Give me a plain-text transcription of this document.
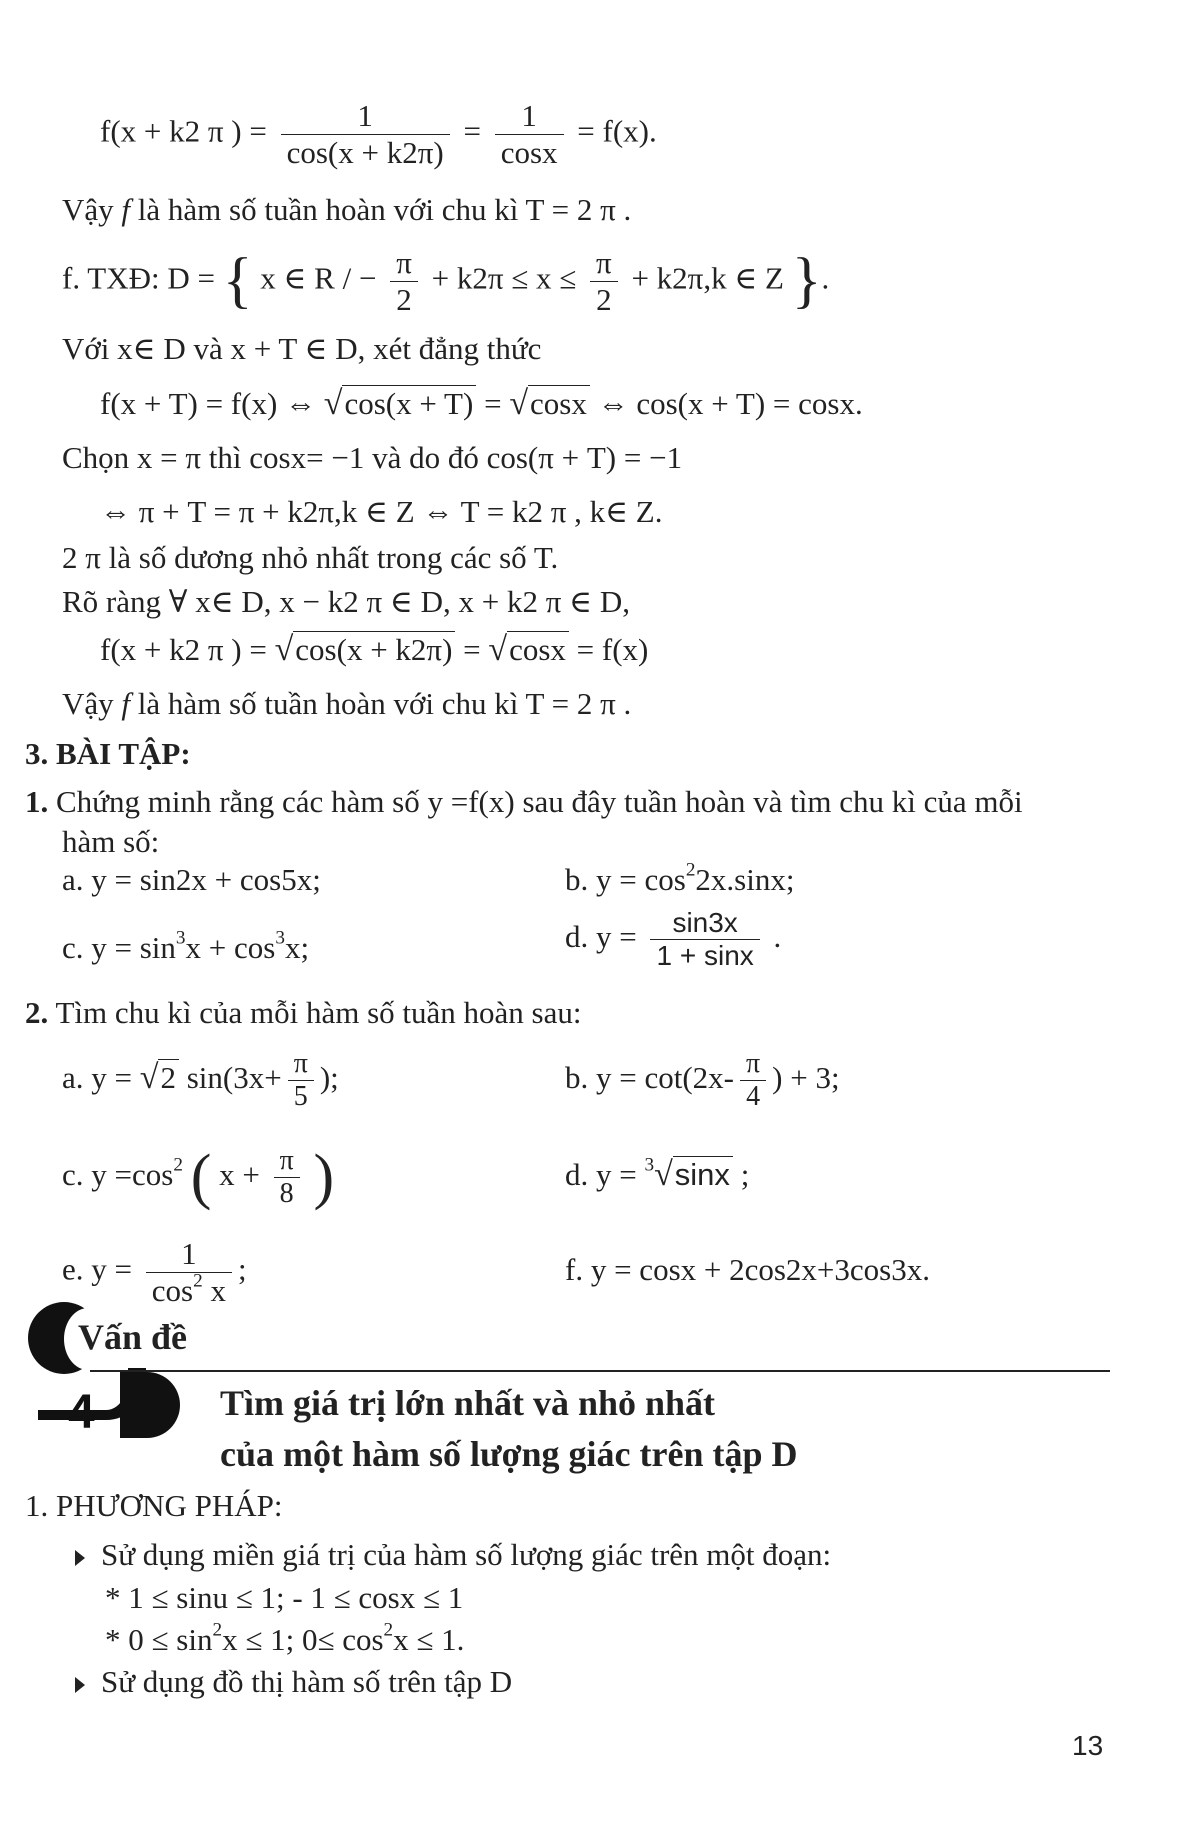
f(x + k2 π ) = $\frac{1}{\cos(x + k2\pi)} = \frac{1}{\cos x} = f(x)$.
Vậy f là hàm số tuần hoàn với chu kì T = 2 π .
f. TXĐ: D = { x ∈ R / − $\frac{\pi}{2} + k2\pi \le x \le \frac{\pi}{2} + k2\pi,k$ ∈ Z }.
Với x∈ D và x + T ∈ D, xét đẳng thức
f(x + T) = f(x) ⇔ √cos(x + T) = √cosx ⇔ cos(x + T) = cosx.
Chọn x = π thì cosx= −1 và do đó cos(π + T) = −1
⇔ π + T = π + k2π,k ∈ Z ⇔ T = k2 π , k∈ Z.
2 π là số dương nhỏ nhất trong các số T.
Rõ ràng ∀ x∈ D, x − k2 π ∈ D, x + k2 π ∈ D,
f(x + k2 π ) = √cos(x + k2π) = √cosx = f(x)
Vậy f là hàm số tuần hoàn với chu kì T = 2 π .
3. BÀI TẬP:
1. Chứng minh rằng các hàm số y =f(x) sau đây tuần hoàn và tìm chu kì của mỗi
hàm số:
a. y = sin2x + cos5x;	b. $y = \cos^22x.\sin x$;
c. $y = \sin^3x + \cos^3x$;	d. $y = \frac{\sin 3x}{1 + \sin x}$ .
2. Tìm chu kì của mỗi hàm số tuần hoàn sau:
a. y = √2 $\sin(3x+ \frac{\pi}{5}$ );	b. $y = \cot(2x- \frac{\pi}{4}$ ) + 3;
c. $y =\cos^2$ ( $x + \frac{\pi}{8}$ )	d. y = $^3$√sinx ;
e. $y = \frac{1}{\cos^2 x}$ ;	f. y = cosx + 2cos2x+3cos3x.
Vấn đề
4	Tìm giá trị lớn nhất và nhỏ nhất
của một hàm số lượng giác trên tập D
1. PHƯƠNG PHÁP:
Sử dụng miền giá trị của hàm số lượng giác trên một đoạn:
* 1 ≤ sinu ≤ 1; - 1 ≤ cosx ≤ 1
* $0 \le \sin^2x \le 1$; $0\le \cos^2x \le 1$.
Sử dụng đồ thị hàm số trên tập D
13
